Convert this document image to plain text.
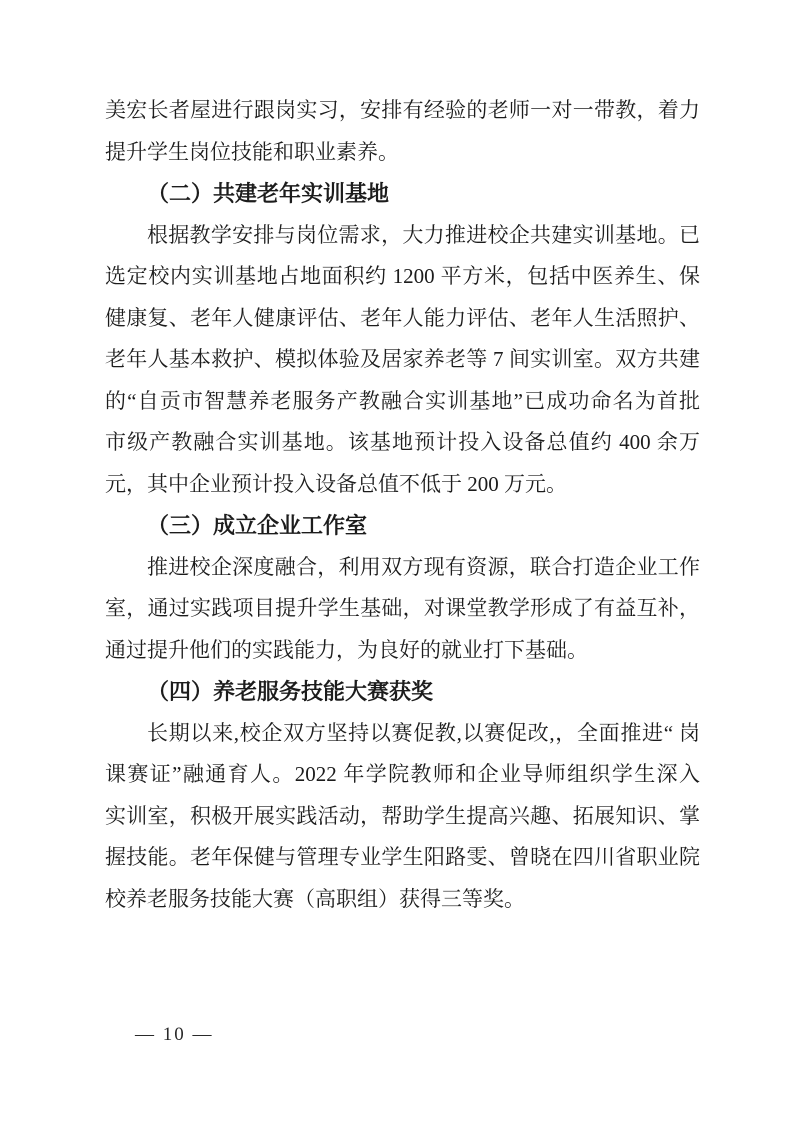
美宏长者屋进行跟岗实习，安排有经验的老师一对一带教，着力
提升学生岗位技能和职业素养。
（二）共建老年实训基地
根据教学安排与岗位需求，大力推进校企共建实训基地。已
选定校内实训基地占地面积约 1200 平方米，包括中医养生、保
健康复、老年人健康评估、老年人能力评估、老年人生活照护、
老年人基本救护、模拟体验及居家养老等 7 间实训室。双方共建
的“自贡市智慧养老服务产教融合实训基地”已成功命名为首批
市级产教融合实训基地。该基地预计投入设备总值约 400 余万
元，其中企业预计投入设备总值不低于 200 万元。
（三）成立企业工作室
推进校企深度融合，利用双方现有资源，联合打造企业工作
室，通过实践项目提升学生基础，对课堂教学形成了有益互补，
通过提升他们的实践能力，为良好的就业打下基础。
（四）养老服务技能大赛获奖
长期以来,校企双方坚持以赛促教,以赛促改,，全面推进“ 岗
课赛证”融通育人。2022 年学院教师和企业导师组织学生深入
实训室，积极开展实践活动，帮助学生提高兴趣、拓展知识、掌
握技能。老年保健与管理专业学生阳路雯、曾晓在四川省职业院
校养老服务技能大赛（高职组）获得三等奖。
— 10 —
